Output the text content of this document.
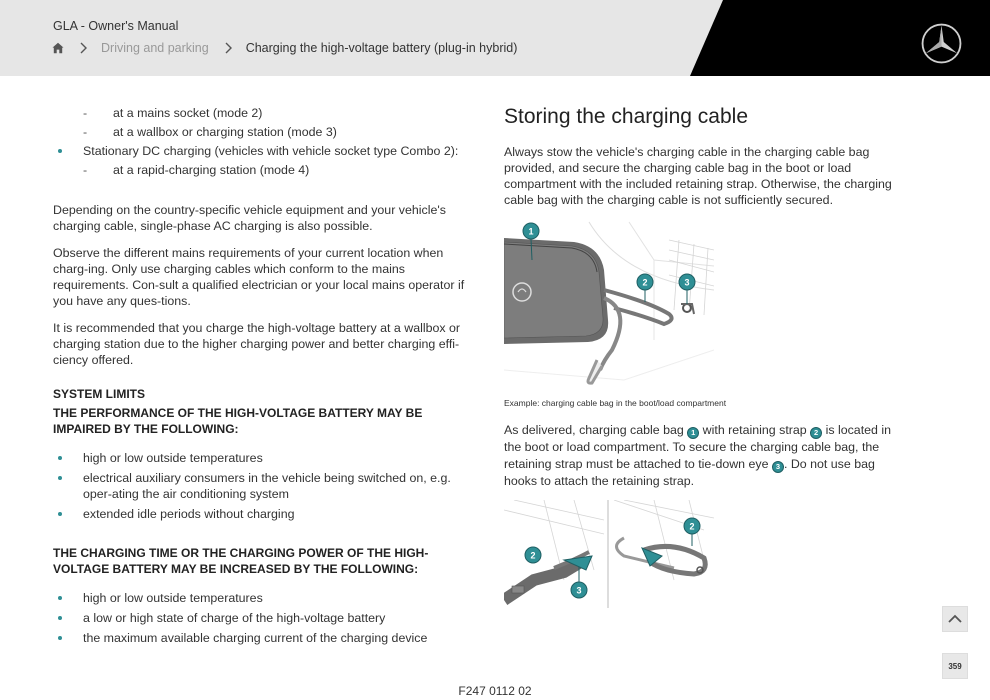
GLA - Owner's Manual
Driving and parking	Charging the high-voltage battery (plug-in hybrid)
- at a mains socket (mode 2)
- at a wallbox or charging station (mode 3)
Stationary DC charging (vehicles with vehicle socket type Combo 2):
- at a rapid-charging station (mode 4)

Depending on the country-specific vehicle equipment and your vehicle's charging cable, single-phase AC charging is also possible.

Observe the different mains requirements of your current location when charg-ing. Only use charging cables which conform to the mains requirements. Con-sult a qualified electrician or your local mains operator if you have any ques-tions.

It is recommended that you charge the high-voltage battery at a wallbox or charging station due to the higher charging power and better charging effi-ciency offered.

SYSTEM LIMITS
THE PERFORMANCE OF THE HIGH-VOLTAGE BATTERY MAY BE IMPAIRED BY THE FOLLOWING:
high or low outside temperatures
electrical auxiliary consumers in the vehicle being switched on, e.g. oper-ating the air conditioning system
extended idle periods without charging
THE CHARGING TIME OR THE CHARGING POWER OF THE HIGH-VOLTAGE BATTERY MAY BE INCREASED BY THE FOLLOWING:
high or low outside temperatures
a low or high state of charge of the high-voltage battery
the maximum available charging current of the charging device
Storing the charging cable

Always stow the vehicle's charging cable in the charging cable bag provided, and secure the charging cable bag in the boot or load compartment with the included retaining strap. Otherwise, the charging cable bag with the charging cable is not sufficiently secured.

1
2	3
Example: charging cable bag in the boot/load compartment

As delivered, charging cable bag 1 with retaining strap 2 is located in the boot or load compartment. To secure the charging cable bag, the retaining strap must be attached to tie-down eye 3 . Do not use bag hooks to attach the retaining strap.

2
3
2
359
F247 0112 02
